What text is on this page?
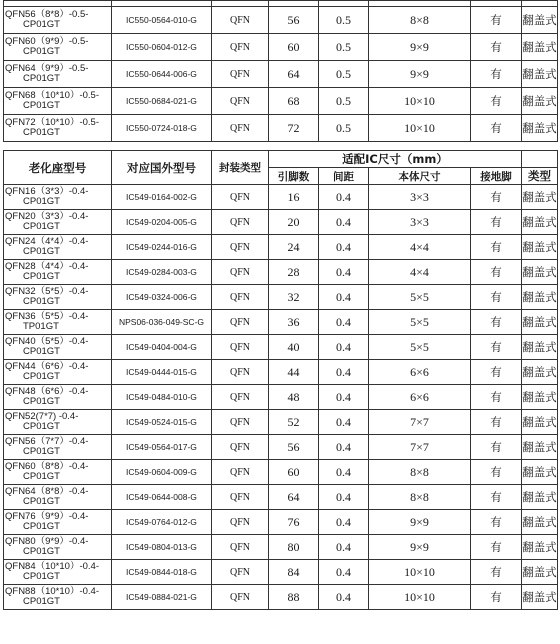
QFN56（8*8）-0.5-
CP01GT	IC550-0564-010-G	QFN	56	0.5	8×8	有	翻盖式

QFN60（9*9）-0.5-
CP01GT	IC550-0604-012-G	QFN	60	0.5	9×9	有	翻盖式

QFN64（9*9）-0.5-
CP01GT	IC550-0644-006-G	QFN	64	0.5	9×9	有	翻盖式

QFN68（10*10）-0.5-
CP01GT	IC550-0684-021-G	QFN	68	0.5	10×10	有	翻盖式

QFN72（10*10）-0.5-
CP01GT	IC550-0724-018-G	QFN	72	0.5	10×10	有	翻盖式
老化座型号	对应国外型号	封装类型	适配IC尺寸（mm）				
			引脚数	间距	本体尺寸	接地脚	类型

QFN16（3*3）-0.4-
CP01GT	IC549-0164-002-G	QFN	16	0.4	3×3	有	翻盖式

QFN20（3*3）-0.4-
CP01GT	IC549-0204-005-G	QFN	20	0.4	3×3	有	翻盖式

QFN24（4*4）-0.4-
CP01GT	IC549-0244-016-G	QFN	24	0.4	4×4	有	翻盖式

QFN28（4*4）-0.4-
CP01GT	IC549-0284-003-G	QFN	28	0.4	4×4	有	翻盖式

QFN32（5*5）-0.4-
CP01GT	IC549-0324-006-G	QFN	32	0.4	5×5	有	翻盖式

QFN36（5*5）-0.4-
TP01GT	NPS06-036-049-SC-G	QFN	36	0.4	5×5	有	翻盖式

QFN40（5*5）-0.4-
CP01GT	IC549-0404-004-G	QFN	40	0.4	5×5	有	翻盖式

QFN44（6*6）-0.4-
CP01GT	IC549-0444-015-G	QFN	44	0.4	6×6	有	翻盖式

QFN48（6*6）-0.4-
CP01GT	IC549-0484-010-G	QFN	48	0.4	6×6	有	翻盖式

QFN52(7*7) -0.4-
CP01GT	IC549-0524-015-G	QFN	52	0.4	7×7	有	翻盖式

QFN56（7*7）-0.4-
CP01GT	IC549-0564-017-G	QFN	56	0.4	7×7	有	翻盖式

QFN60（8*8）-0.4-
CP01GT	IC549-0604-009-G	QFN	60	0.4	8×8	有	翻盖式

QFN64（8*8）-0.4-
CP01GT	IC549-0644-008-G	QFN	64	0.4	8×8	有	翻盖式

QFN76（9*9）-0.4-
CP01GT	IC549-0764-012-G	QFN	76	0.4	9×9	有	翻盖式

QFN80（9*9）-0.4-
CP01GT	IC549-0804-013-G	QFN	80	0.4	9×9	有	翻盖式

QFN84（10*10）-0.4-
CP01GT	IC549-0844-018-G	QFN	84	0.4	10×10	有	翻盖式

QFN88（10*10）-0.4-
CP01GT	IC549-0884-021-G	QFN	88	0.4	10×10	有	翻盖式
